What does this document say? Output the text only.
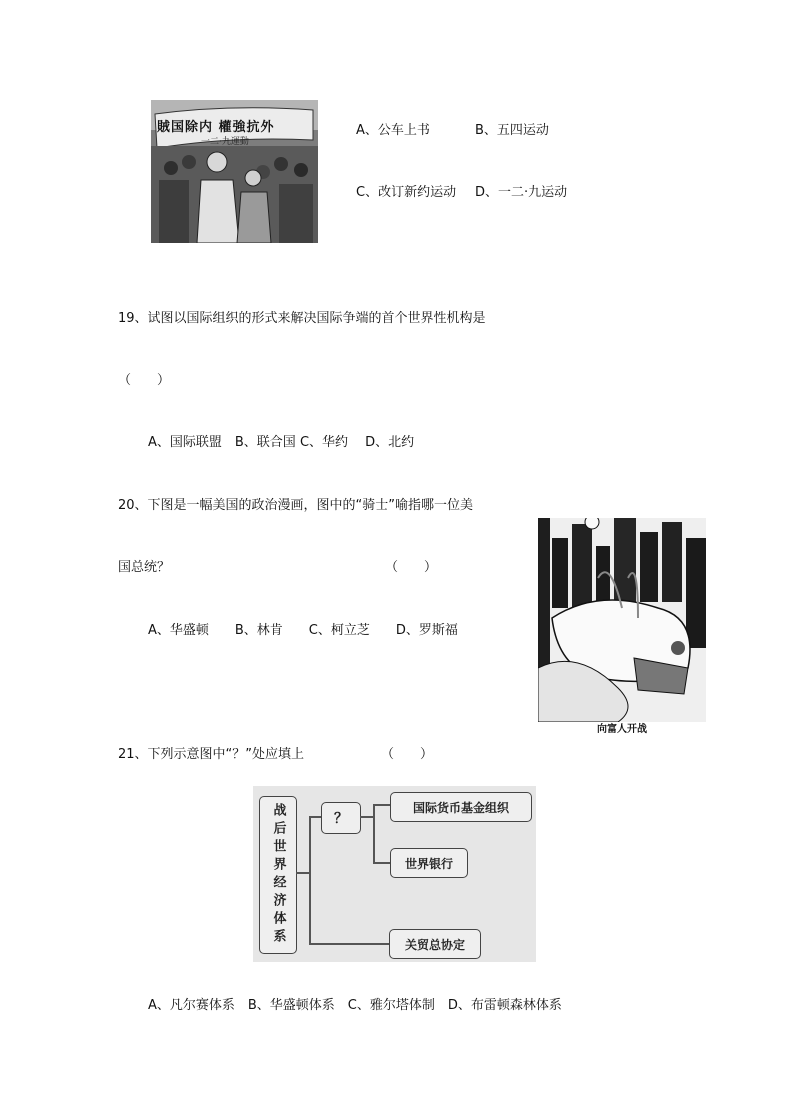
賊国除内 權強抗外
一二·九運動
A、公车上书	B、五四运动
C、改订新约运动 D、一二·九运动
19、试图以国际组织的形式来解决国际争端的首个世界性机构是
（　　）
A、国际联盟　B、联合国 C、华约　 D、北约
20、下图是一幅美国的政治漫画，图中的“骑士”喻指哪一位美
国总统？	（　　）
A、华盛顿　　B、林肯　　C、柯立芝　　D、罗斯福
向富人开战
21、下列示意图中“？”处应填上	（　　）
战后世界经济体系	？
国际货币基金组织
世界银行
关贸总协定
A、凡尔赛体系　B、华盛顿体系　C、雅尔塔体制　D、布雷顿森林体系
